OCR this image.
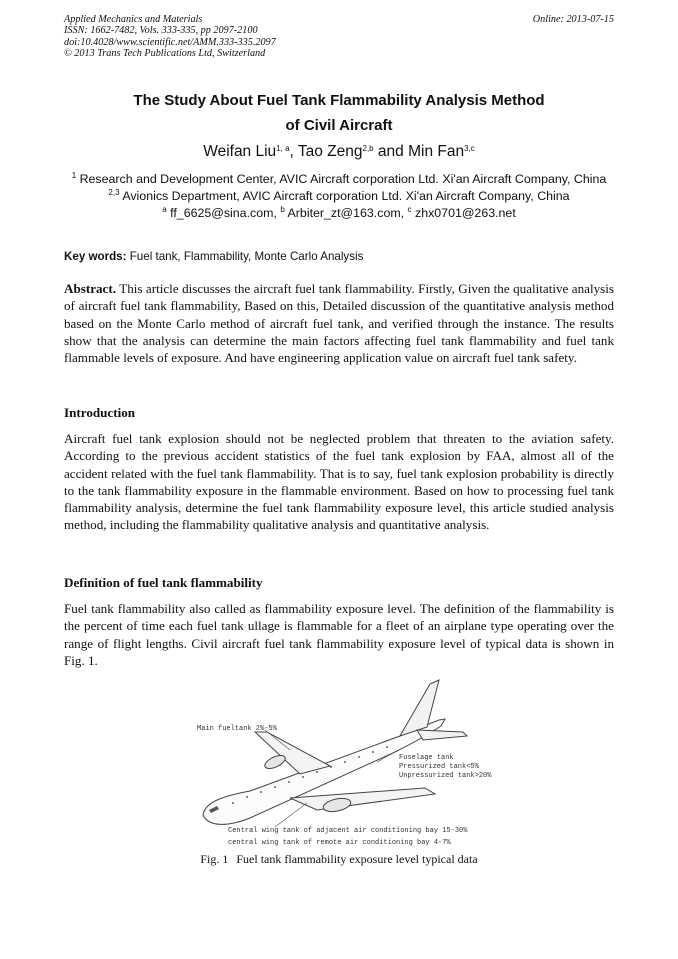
Applied Mechanics and Materials
ISSN: 1662-7482, Vols. 333-335, pp 2097-2100
doi:10.4028/www.scientific.net/AMM.333-335.2097
© 2013 Trans Tech Publications Ltd, Switzerland
Online: 2013-07-15
The Study About Fuel Tank Flammability Analysis Method
of Civil Aircraft
Weifan Liu$^{1, a}$, Tao Zeng$^{2,b}$ and Min Fan$^{3,c}$
$^1$ Research and Development Center, AVIC Aircraft corporation Ltd. Xi'an Aircraft Company, China
$^{2,3}$ Avionics Department, AVIC Aircraft corporation Ltd. Xi'an Aircraft Company, China
$^a$ ff_6625@sina.com, $^b$ Arbiter_zt@163.com, $^c$ zhx0701@263.net
Key words: Fuel tank, Flammability, Monte Carlo Analysis
Abstract. This article discusses the aircraft fuel tank flammability. Firstly, Given the qualitative analysis of aircraft fuel tank flammability, Based on this, Detailed discussion of the quantitative analysis method based on the Monte Carlo method of aircraft fuel tank, and verified through the instance. The results show that the analysis can determine the main factors affecting fuel tank flammability and fuel tank flammable levels of exposure. And have engineering application value on aircraft fuel tank safety.
Introduction
Aircraft fuel tank explosion should not be neglected problem that threaten to the aviation safety. According to the previous accident statistics of the fuel tank explosion by FAA, almost all of the accident related with the fuel tank flammability. That is to say, fuel tank explosion probability is directly to the tank flammability exposure in the flammable environment. Based on how to processing fuel tank flammability analysis, determine the fuel tank flammability exposure level, this article studied analysis method, including the flammability qualitative analysis and quantitative analysis.
Definition of fuel tank flammability
Fuel tank flammability also called as flammability exposure level. The definition of the flammability is the percent of time each fuel tank ullage is flammable for a fleet of an airplane type operating over the range of flight lengths. Civil aircraft fuel tank flammability exposure level of typical data is shown in Fig. 1.
Main fueltank 2%-5%
Fuselage tank
Pressurized tank<5%
Unpressurized tank>20%
Central wing tank of adjacent air conditioning bay 15-30%
central wing tank of remote air conditioning bay 4-7%
Fig. 1 Fuel tank flammability exposure level typical data
